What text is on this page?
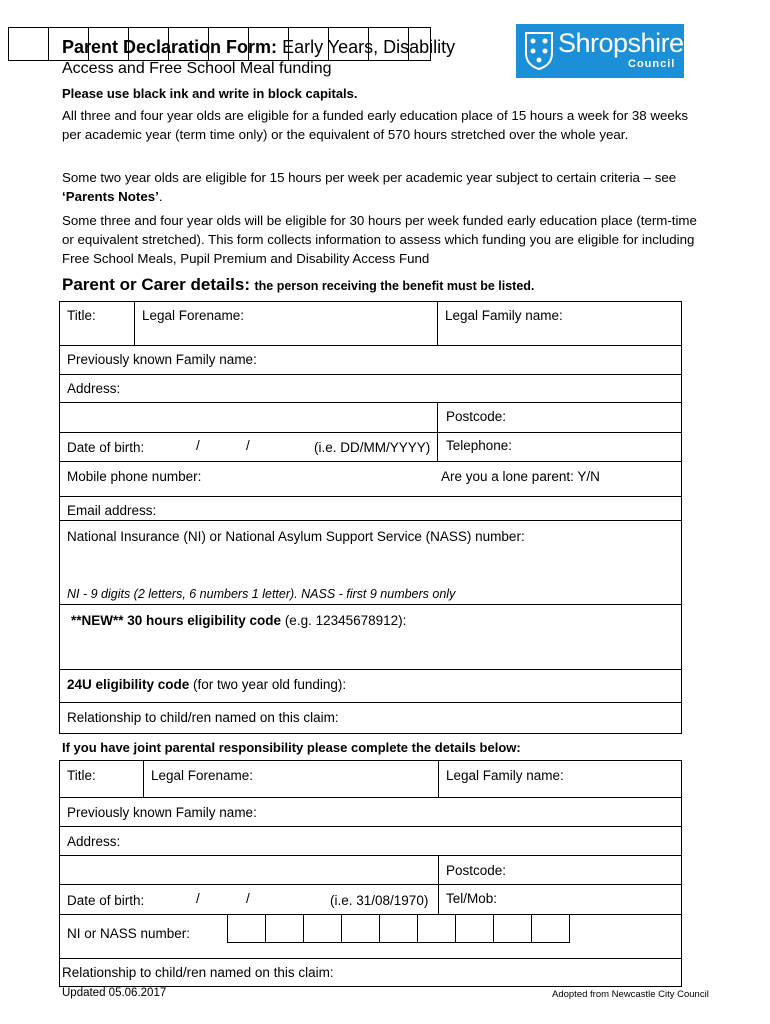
Parent Declaration Form: Early Years, Disability
Access and Free School Meal funding
Shropshire
Council
Please use black ink and write in block capitals.
All three and four year olds are eligible for a funded early education place of 15 hours a week for 38 weeks per academic year (term time only) or the equivalent of 570 hours stretched over the whole year.
Some two year olds are eligible for 15 hours per week per academic year subject to certain criteria – see ‘Parents Notes’.
Some three and four year olds will be eligible for 30 hours per week funded early education place (term-time or equivalent stretched). This form collects information to assess which funding you are eligible for including Free School Meals, Pupil Premium and Disability Access Fund
Parent or Carer details: the person receiving the benefit must be listed.
Title:	Legal Forename:	Legal Family name:
Previously known Family name:
Address:
Postcode:
Date of birth:	/	/	(i.e. DD/MM/YYYY) Telephone:
Mobile phone number:	Are you a lone parent: Y/N
Email address:
National Insurance (NI) or National Asylum Support Service (NASS) number:
NI - 9 digits (2 letters, 6 numbers 1 letter). NASS - first 9 numbers only
**NEW** 30 hours eligibility code (e.g. 12345678912):
24U eligibility code (for two year old funding):
Relationship to child/ren named on this claim:
If you have joint parental responsibility please complete the details below:
Title:	Legal Forename:	Legal Family name:
Previously known Family name:
Address:
Postcode:
Date of birth:	/	/	(i.e. 31/08/1970) Tel/Mob:
NI or NASS number:
Relationship to child/ren named on this claim:
Updated 05.06.2017	Adopted from Newcastle City Council
